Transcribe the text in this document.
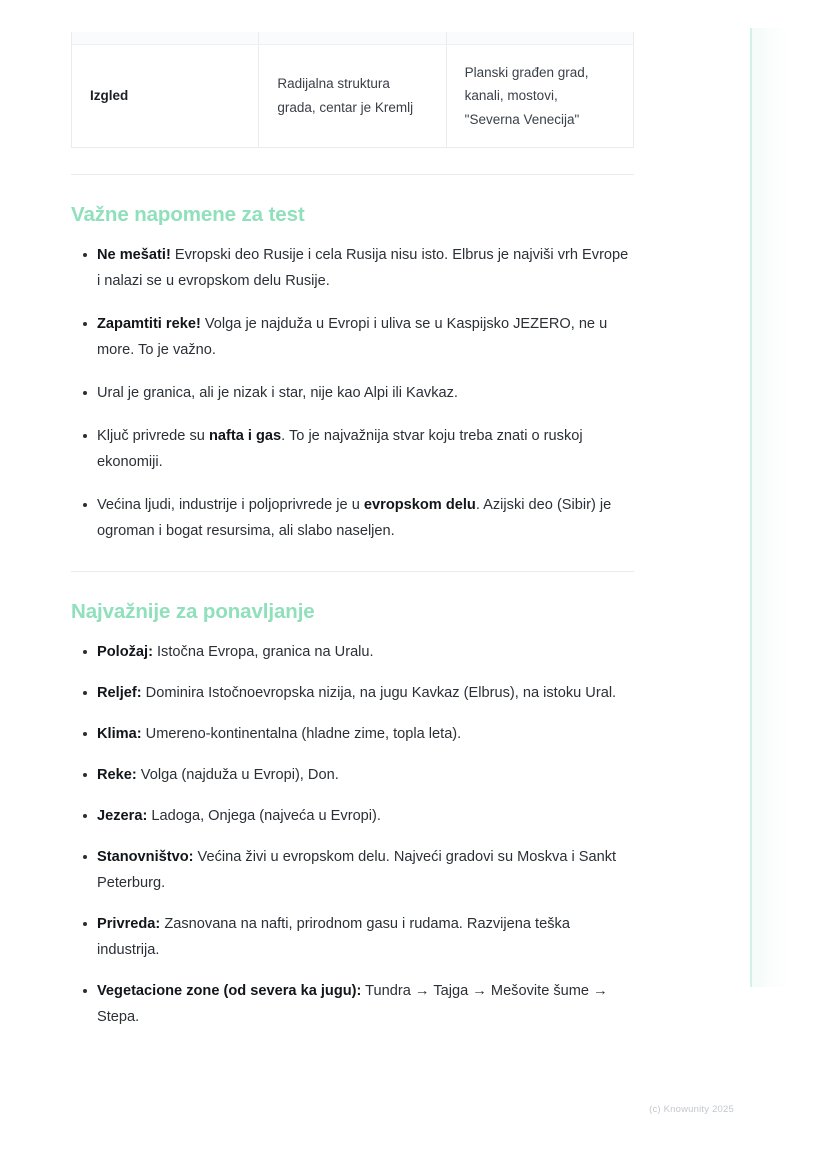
Izgled	Radijalna struktura grada, centar je Kremlj	Planski građen grad, kanali, mostovi, "Severna Venecija"
Važne napomene za test
Ne mešati! Evropski deo Rusije i cela Rusija nisu isto. Elbrus je najviši vrh Evrope i nalazi se u evropskom delu Rusije.
Zapamtiti reke! Volga je najduža u Evropi i uliva se u Kaspijsko JEZERO, ne u more. To je važno.
Ural je granica, ali je nizak i star, nije kao Alpi ili Kavkaz.
Ključ privrede su nafta i gas. To je najvažnija stvar koju treba znati o ruskoj ekonomiji.
Većina ljudi, industrije i poljoprivrede je u evropskom delu. Azijski deo (Sibir) je ogroman i bogat resursima, ali slabo naseljen.
Najvažnije za ponavljanje
Položaj: Istočna Evropa, granica na Uralu.
Reljef: Dominira Istočnoevropska nizija, na jugu Kavkaz (Elbrus), na istoku Ural.
Klima: Umereno-kontinentalna (hladne zime, topla leta).
Reke: Volga (najduža u Evropi), Don.
Jezera: Ladoga, Onjega (najveća u Evropi).
Stanovništvo: Većina živi u evropskom delu. Najveći gradovi su Moskva i Sankt Peterburg.
Privreda: Zasnovana na nafti, prirodnom gasu i rudama. Razvijena teška industrija.
Vegetacione zone (od severa ka jugu): Tundra → Tajga → Mešovite šume → Stepa.
(c) Knowunity 2025
